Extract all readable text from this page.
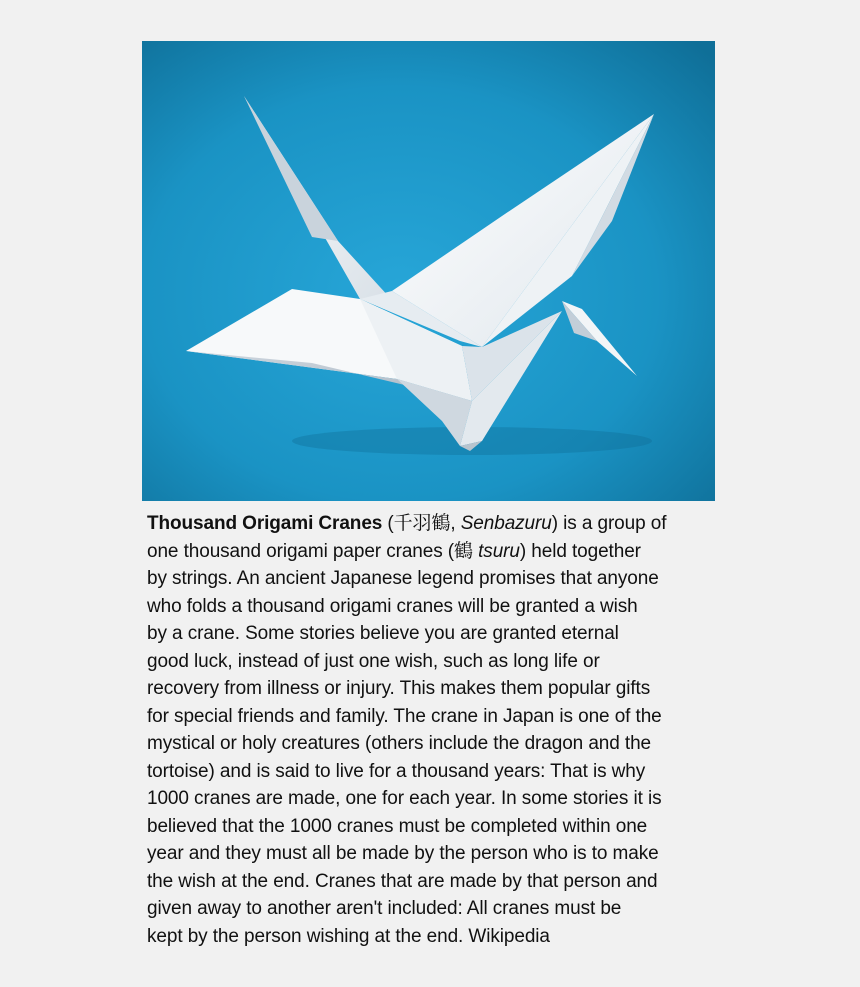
Thousand Origami Cranes (千羽鶴, Senbazuru) is a group of
one thousand origami paper cranes (鶴 tsuru) held together
by strings. An ancient Japanese legend promises that anyone
who folds a thousand origami cranes will be granted a wish
by a crane. Some stories believe you are granted eternal
good luck, instead of just one wish, such as long life or
recovery from illness or injury. This makes them popular gifts
for special friends and family. The crane in Japan is one of the
mystical or holy creatures (others include the dragon and the
tortoise) and is said to live for a thousand years: That is why
1000 cranes are made, one for each year. In some stories it is
believed that the 1000 cranes must be completed within one
year and they must all be made by the person who is to make
the wish at the end. Cranes that are made by that person and
given away to another aren't included: All cranes must be
kept by the person wishing at the end. Wikipedia
